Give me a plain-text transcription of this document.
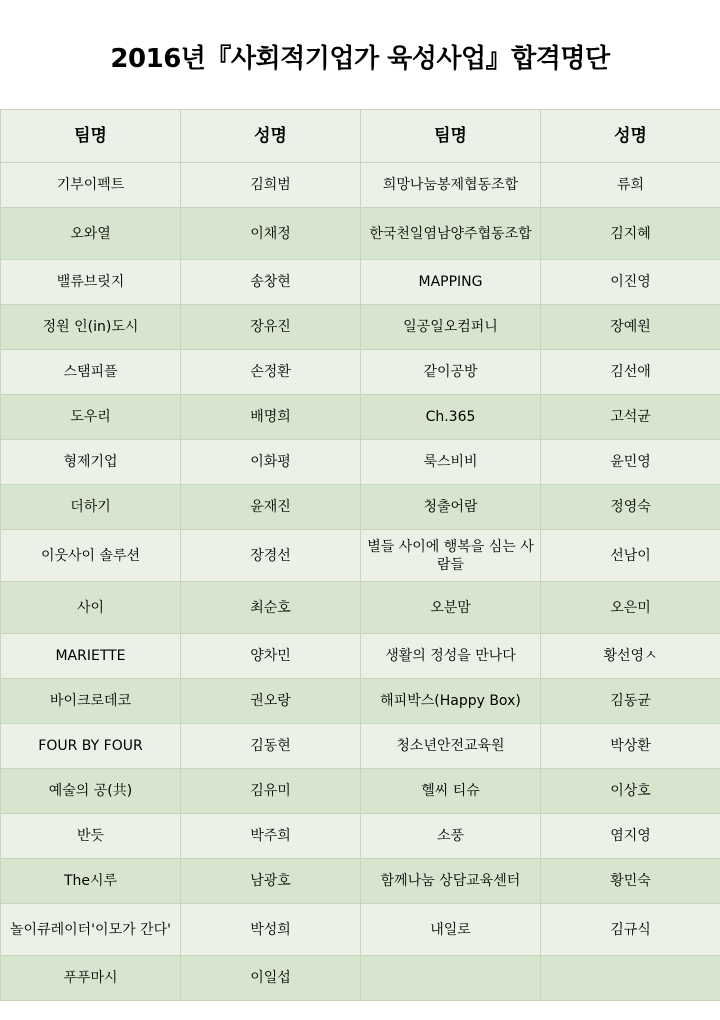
2016년『사회적기업가 육성사업』합격명단
팀명	성명	팀명	성명
기부이펙트	김희범	희망나눔봉제협동조합	류희
오와열	이채정	한국천일염남양주협동조합	김지혜
밸류브릿지	송창현	MAPPING	이진영
정원 인(in)도시	장유진	일공일오컴퍼니	장예원
스탬피플	손정환	같이공방	김선애
도우리	배명희	Ch.365	고석균
형제기업	이화평	룩스비비	윤민영
더하기	윤재진	청출어람	정영숙
이웃사이 솔루션	장경선	별들 사이에 행복을 심는 사람들	선남이
사이	최순호	오분맘	오은미
MARIETTE	양차민	생활의 정성을 만나다	황선영ㅅ
바이크로데코	권오랑	해피박스(Happy Box)	김동균
FOUR BY FOUR	김동현	청소년안전교육원	박상환
예술의 공(共)	김유미	헬씨 티슈	이상호
반듯	박주희	소풍	염지영
The시루	남광호	함께나눔 상담교육센터	황민숙
놀이큐레이터'이모가 간다'	박성희	내일로	김규식
푸푸마시	이일섭		
